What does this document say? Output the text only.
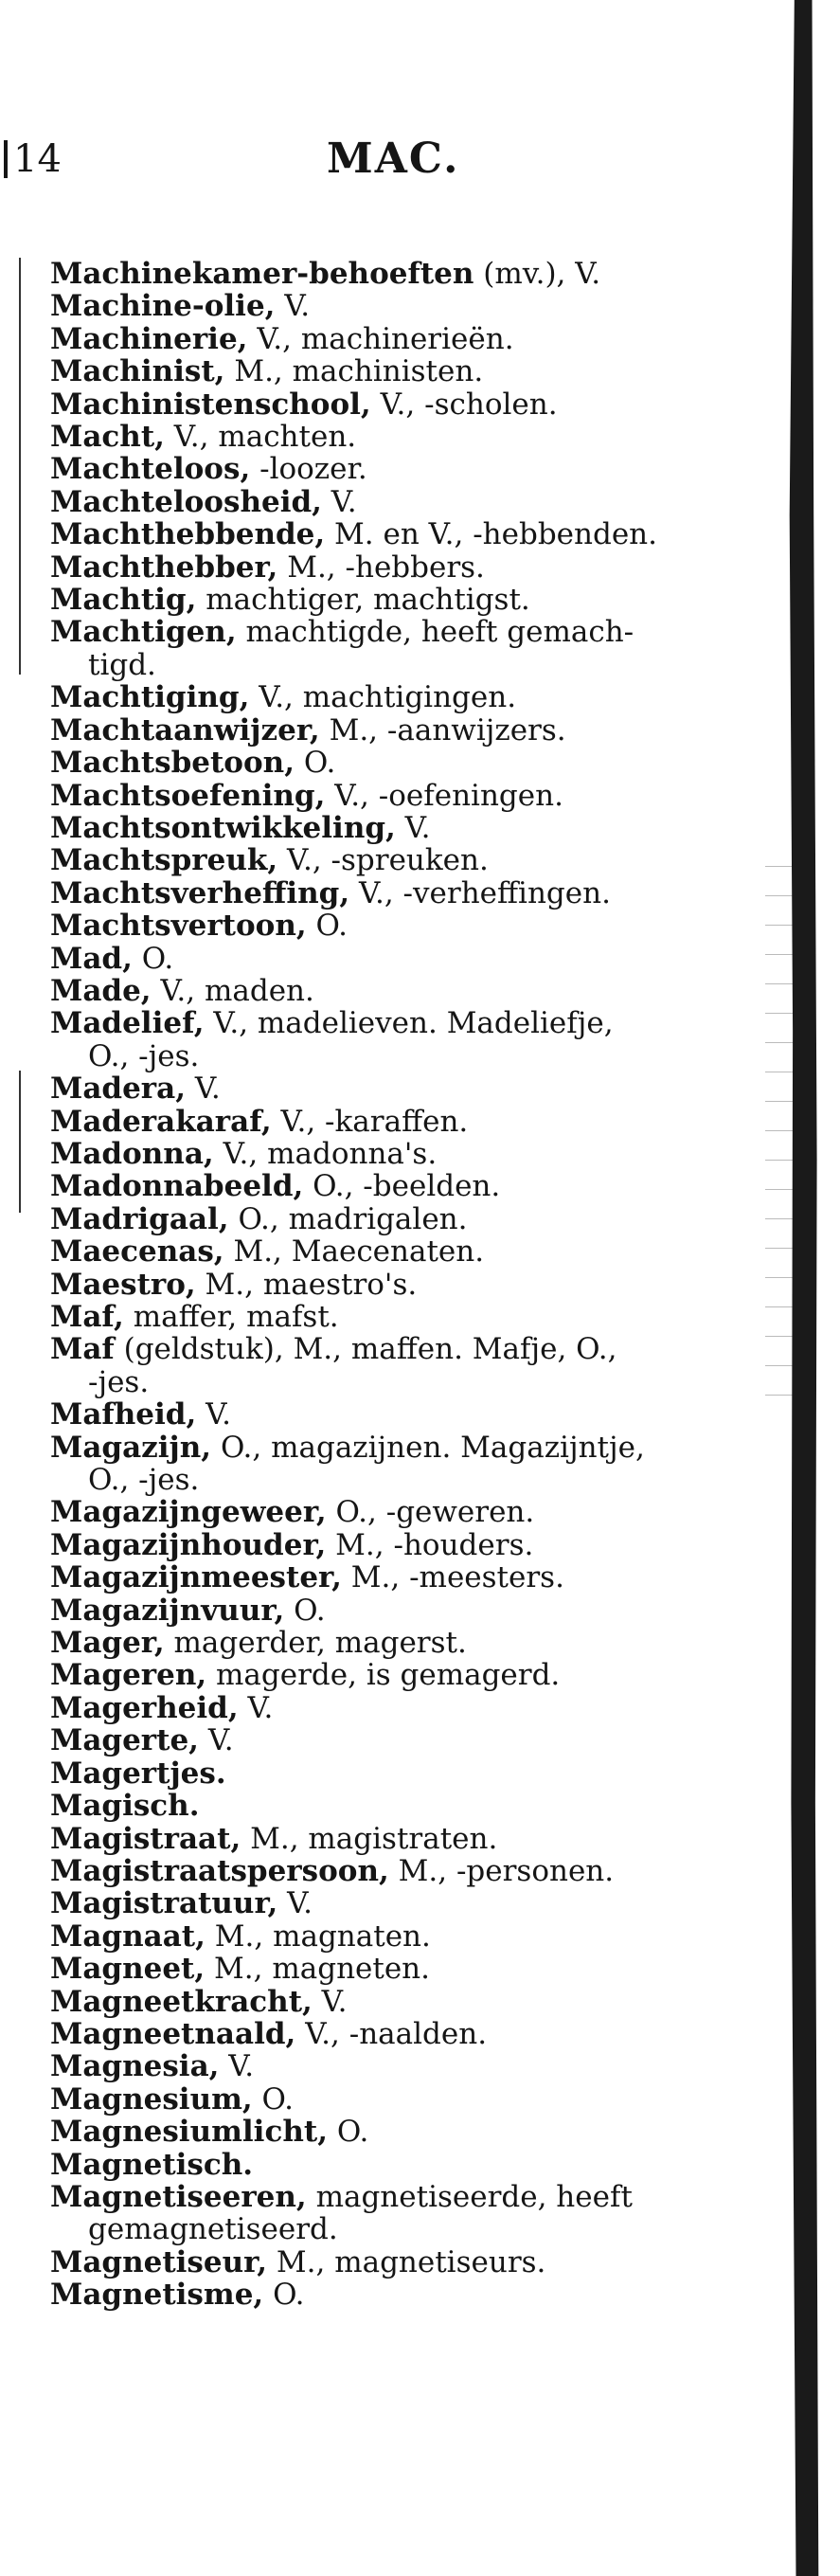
14	MAC.
Machinekamer-behoeften (mv.), V.
Machine-olie, V.
Machinerie, V., machinerieën.
Machinist, M., machinisten.
Machinistenschool, V., -scholen.
Macht, V., machten.
Machteloos, -loozer.
Machteloosheid, V.
Machthebbende, M. en V., -hebbenden.
Machthebber, M., -hebbers.
Machtig, machtiger, machtigst.
Machtigen, machtigde, heeft gemach-
tigd.
Machtiging, V., machtigingen.
Machtaanwijzer, M., -aanwijzers.
Machtsbetoon, O.
Machtsoefening, V., -oefeningen.
Machtsontwikkeling, V.
Machtspreuk, V., -spreuken.
Machtsverheffing, V., -verheffingen.
Machtsvertoon, O.
Mad, O.
Made, V., maden.
Madelief, V., madelieven. Madeliefje,
O., -jes.
Madera, V.
Maderakaraf, V., -karaffen.
Madonna, V., madonna's.
Madonnabeeld, O., -beelden.
Madrigaal, O., madrigalen.
Maecenas, M., Maecenaten.
Maestro, M., maestro's.
Maf, maffer, mafst.
Maf (geldstuk), M., maffen. Mafje, O.,
-jes.
Mafheid, V.
Magazijn, O., magazijnen. Magazijntje,
O., -jes.
Magazijngeweer, O., -geweren.
Magazijnhouder, M., -houders.
Magazijnmeester, M., -meesters.
Magazijnvuur, O.
Mager, magerder, magerst.
Mageren, magerde, is gemagerd.
Magerheid, V.
Magerte, V.
Magertjes.
Magisch.
Magistraat, M., magistraten.
Magistraatspersoon, M., -personen.
Magistratuur, V.
Magnaat, M., magnaten.
Magneet, M., magneten.
Magneetkracht, V.
Magneetnaald, V., -naalden.
Magnesia, V.
Magnesium, O.
Magnesiumlicht, O.
Magnetisch.
Magnetiseeren, magnetiseerde, heeft
gemagnetiseerd.
Magnetiseur, M., magnetiseurs.
Magnetisme, O.
